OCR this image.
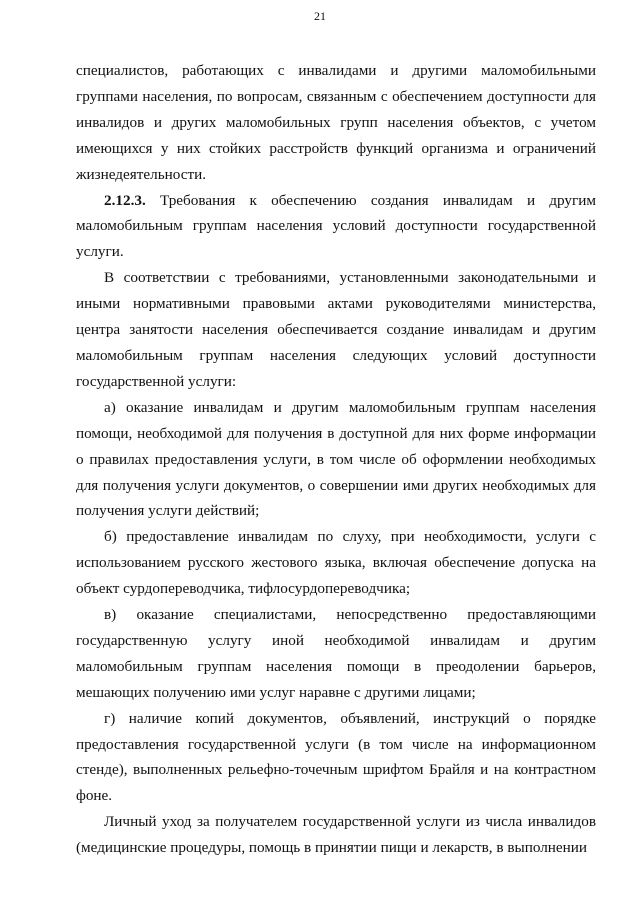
21

специалистов, работающих с инвалидами и другими маломобильными группами населения, по вопросам, связанным с обеспечением доступности для инвалидов и других маломобильных групп населения объектов, с учетом имеющихся у них стойких расстройств функций организма и ограничений жизнедеятельности.

2.12.3. Требования к обеспечению создания инвалидам и другим маломобильным группам населения условий доступности государственной услуги.

В соответствии с требованиями, установленными законодательными и иными нормативными правовыми актами руководителями министерства, центра занятости населения обеспечивается создание инвалидам и другим маломобильным группам населения следующих условий доступности государственной услуги:

а) оказание инвалидам и другим маломобильным группам населения помощи, необходимой для получения в доступной для них форме информации о правилах предоставления услуги, в том числе об оформлении необходимых для получения услуги документов, о совершении ими других необходимых для получения услуги действий;

б) предоставление инвалидам по слуху, при необходимости, услуги с использованием русского жестового языка, включая обеспечение допуска на объект сурдопереводчика, тифлосурдопереводчика;

в) оказание специалистами, непосредственно предоставляющими государственную услугу иной необходимой инвалидам и другим маломобильным группам населения помощи в преодолении барьеров, мешающих получению ими услуг наравне с другими лицами;

г) наличие копий документов, объявлений, инструкций о порядке предоставления государственной услуги (в том числе на информационном стенде), выполненных рельефно-точечным шрифтом Брайля и на контрастном фоне.

Личный уход за получателем государственной услуги из числа инвалидов (медицинские процедуры, помощь в принятии пищи и лекарств, в выполнении
